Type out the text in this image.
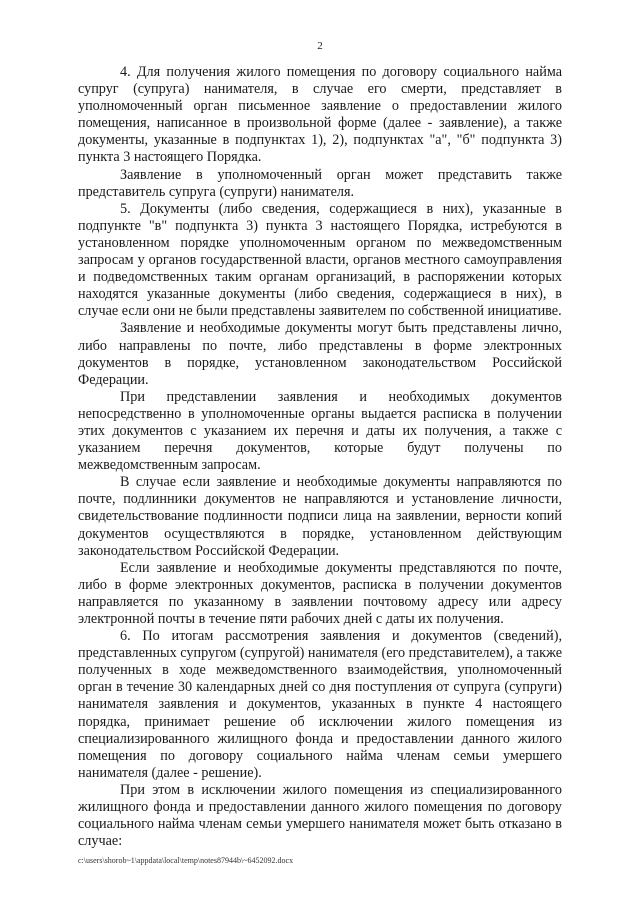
2

4. Для получения жилого помещения по договору социального найма супруг (супруга) нанимателя, в случае его смерти, представляет в уполномоченный орган письменное заявление о предоставлении жилого помещения, написанное в произвольной форме (далее - заявление), а также документы, указанные в подпунктах 1), 2), подпунктах "а", "б" подпункта 3) пункта 3 настоящего Порядка.

Заявление в уполномоченный орган может представить также представитель супруга (супруги) нанимателя.

5. Документы (либо сведения, содержащиеся в них), указанные в подпункте "в" подпункта 3) пункта 3 настоящего Порядка, истребуются в установленном порядке уполномоченным органом по межведомственным запросам у органов государственной власти, органов местного самоуправления и подведомственных таким органам организаций, в распоряжении которых находятся указанные документы (либо сведения, содержащиеся в них), в случае если они не были представлены заявителем по собственной инициативе.

Заявление и необходимые документы могут быть представлены лично, либо направлены по почте, либо представлены в форме электронных документов в порядке, установленном законодательством Российской Федерации.

При представлении заявления и необходимых документов непосредственно в уполномоченные органы выдается расписка в получении этих документов с указанием их перечня и даты их получения, а также с указанием перечня документов, которые будут получены по межведомственным запросам.

В случае если заявление и необходимые документы направляются по почте, подлинники документов не направляются и установление личности, свидетельствование подлинности подписи лица на заявлении, верности копий документов осуществляются в порядке, установленном действующим законодательством Российской Федерации.

Если заявление и необходимые документы представляются по почте, либо в форме электронных документов, расписка в получении документов направляется по указанному в заявлении почтовому адресу или адресу электронной почты в течение пяти рабочих дней с даты их получения.

6. По итогам рассмотрения заявления и документов (сведений), представленных супругом (супругой) нанимателя (его представителем), а также полученных в ходе межведомственного взаимодействия, уполномоченный орган в течение 30 календарных дней со дня поступления от супруга (супруги) нанимателя заявления и документов, указанных в пункте 4 настоящего порядка, принимает решение об исключении жилого помещения из специализированного жилищного фонда и предоставлении данного жилого помещения по договору социального найма членам семьи умершего нанимателя (далее - решение).

При этом в исключении жилого помещения из специализированного жилищного фонда и предоставлении данного жилого помещения по договору социального найма членам семьи умершего нанимателя может быть отказано в случае:

c:\users\shorob~1\appdata\local\temp\notes87944b\~6452092.docx
